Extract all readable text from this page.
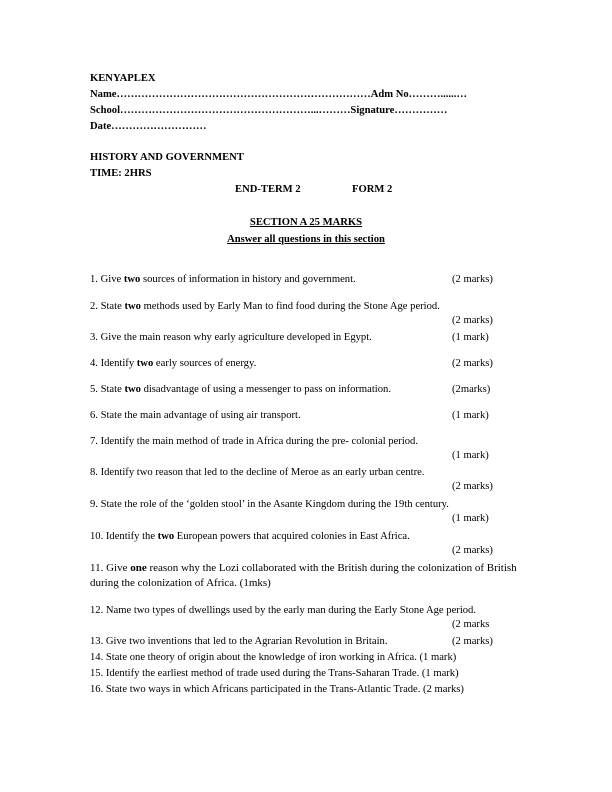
KENYAPLEX
Name………………………………………………………………Adm No………......…
School………………………………………………...………Signature……………
Date………………………
HISTORY AND GOVERNMENT
TIME: 2HRS
END-TERM 2	FORM 2
SECTION A 25 MARKS
Answer all questions in this section
1. Give two sources of information in history and government.	(2 marks)
2. State two methods used by Early Man to find food during the Stone Age period.
(2 marks)
3. Give the main reason why early agriculture developed in Egypt.	(1 mark)
4. Identify two early sources of energy.	(2 marks)
5. State two disadvantage of using a messenger to pass on information.	(2marks)
6. State the main advantage of using air transport.	(1 mark)
7. Identify the main method of trade in Africa during the pre- colonial period.
(1 mark)
8. Identify two reason that led to the decline of Meroe as an early urban centre.
(2 marks)
9. State the role of the ‘golden stool’ in the Asante Kingdom during the 19th century.
(1 mark)
10. Identify the two European powers that acquired colonies in East Africa.
(2 marks)
11. Give one reason why the Lozi collaborated with the British during the colonization of British during the colonization of Africa. (1mks)
12. Name two types of dwellings used by the early man during the Early Stone Age period.
(2 marks
13. Give two inventions that led to the Agrarian Revolution in Britain.	(2 marks)
14. State one theory of origin about the knowledge of iron working in Africa. (1 mark)
15. Identify the earliest method of trade used during the Trans-Saharan Trade. (1 mark)
16. State two ways in which Africans participated in the Trans-Atlantic Trade. (2 marks)
